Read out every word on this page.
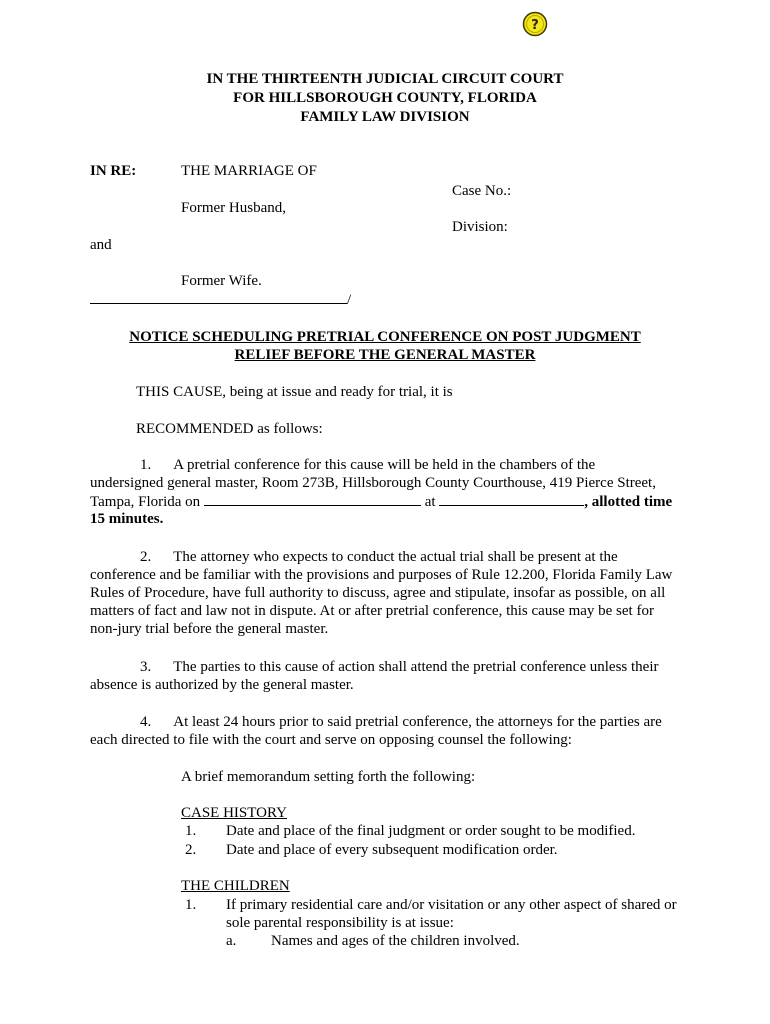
?
IN THE THIRTEENTH JUDICIAL CIRCUIT COURT
FOR HILLSBOROUGH COUNTY, FLORIDA
FAMILY LAW DIVISION
IN RE:	THE MARRIAGE OF
Case No.:
Former Husband,
Division:
and
Former Wife.
/
NOTICE SCHEDULING PRETRIAL CONFERENCE ON POST JUDGMENT
RELIEF BEFORE THE GENERAL MASTER
THIS CAUSE, being at issue and ready for trial, it is
RECOMMENDED as follows:
1. A pretrial conference for this cause will be held in the chambers of the
undersigned general master, Room 273B, Hillsborough County Courthouse, 419 Pierce Street,
Tampa, Florida on	at	, allotted time
15 minutes.
2. The attorney who expects to conduct the actual trial shall be present at the
conference and be familiar with the provisions and purposes of Rule 12.200, Florida Family Law
Rules of Procedure, have full authority to discuss, agree and stipulate, insofar as possible, on all
matters of fact and law not in dispute. At or after pretrial conference, this cause may be set for
non-jury trial before the general master.
3. The parties to this cause of action shall attend the pretrial conference unless their
absence is authorized by the general master.
4. At least 24 hours prior to said pretrial conference, the attorneys for the parties are
each directed to file with the court and serve on opposing counsel the following:
A brief memorandum setting forth the following:
CASE HISTORY
1. Date and place of the final judgment or order sought to be modified.
2. Date and place of every subsequent modification order.
THE CHILDREN
1. If primary residential care and/or visitation or any other aspect of shared or
sole parental responsibility is at issue:
a. Names and ages of the children involved.
